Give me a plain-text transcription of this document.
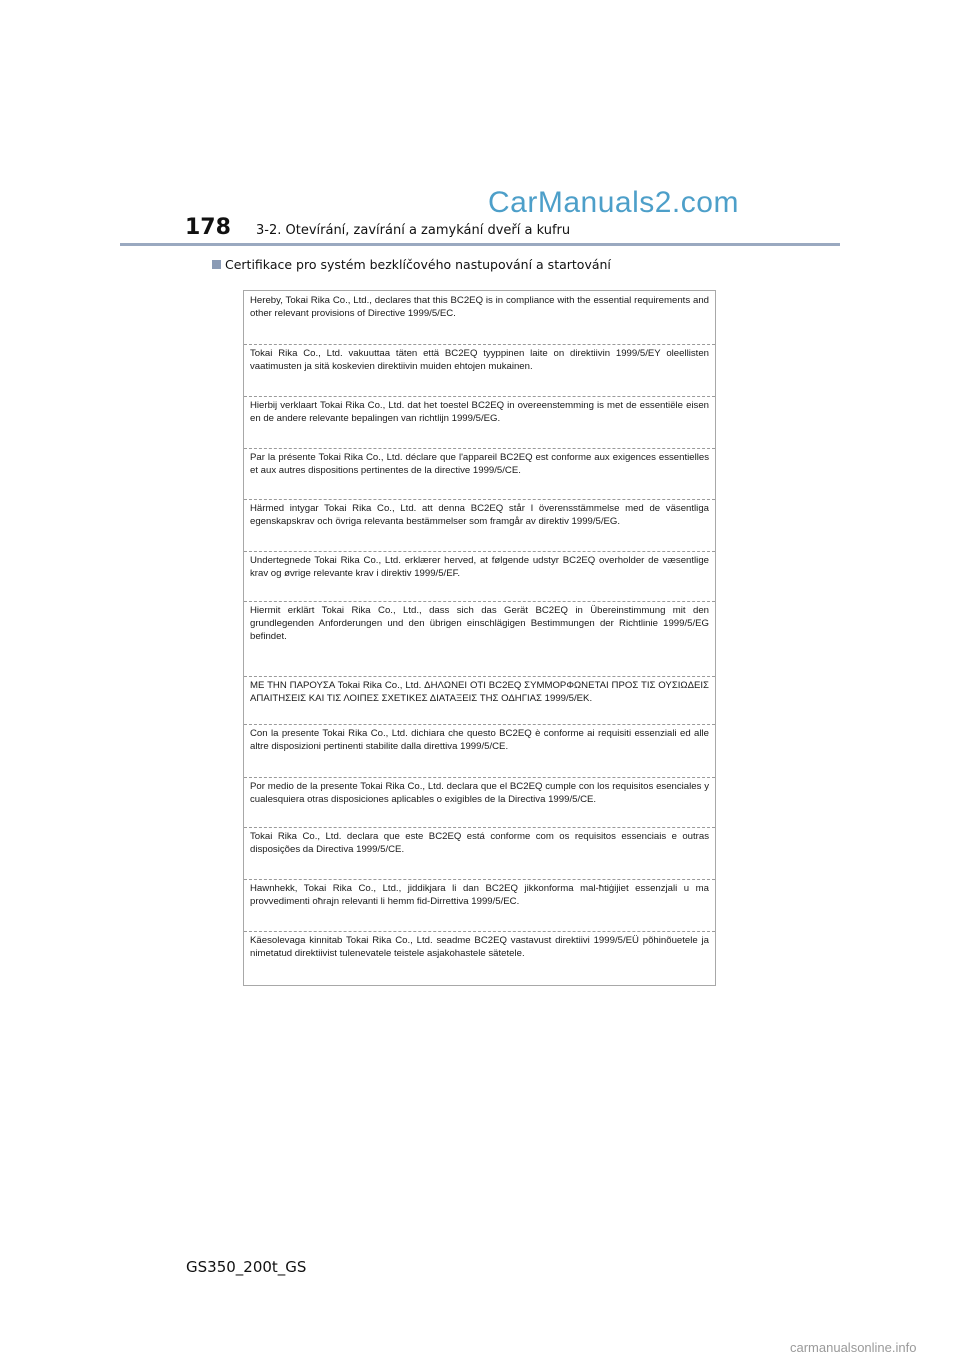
CarManuals2.com
178 3-2. Otevírání, zavírání a zamykání dveří a kufru
Certifikace pro systém bezklíčového nastupování a startování

Hereby, Tokai Rika Co., Ltd., declares that this BC2EQ is in compliance with the essential requirements and other relevant provisions of Directive 1999/5/EC.

Tokai Rika Co., Ltd. vakuuttaa täten että BC2EQ tyyppinen laite on direktiivin 1999/5/EY oleellisten vaatimusten ja sitä koskevien direktiivin muiden ehtojen mukainen.

Hierbij verklaart Tokai Rika Co., Ltd. dat het toestel BC2EQ in overeenstemming is met de essentiële eisen en de andere relevante bepalingen van richtlijn 1999/5/EG.

Par la présente Tokai Rika Co., Ltd. déclare que l'appareil BC2EQ est conforme aux exigences essentielles et aux autres dispositions pertinentes de la directive 1999/5/CE.

Härmed intygar Tokai Rika Co., Ltd. att denna BC2EQ står I överensstämmelse med de väsentliga egenskapskrav och övriga relevanta bestämmelser som framgår av direktiv 1999/5/EG.

Undertegnede Tokai Rika Co., Ltd. erklærer herved, at følgende udstyr BC2EQ overholder de væsentlige krav og øvrige relevante krav i direktiv 1999/5/EF.

Hiermit erklärt Tokai Rika Co., Ltd., dass sich das Gerät BC2EQ in Übereinstimmung mit den grundlegenden Anforderungen und den übrigen einschlägigen Bestimmungen der Richtlinie 1999/5/EG befindet.

ΜΕ ΤΗΝ ΠΑΡΟΥΣΑ Tokai Rika Co., Ltd. ΔΗΛΩΝΕΙ ΟΤΙ BC2EQ ΣΥΜΜΟΡΦΩΝΕΤΑΙ ΠΡΟΣ ΤΙΣ ΟΥΣΙΩΔΕΙΣ ΑΠΑΙΤΗΣΕΙΣ ΚΑΙ ΤΙΣ ΛΟΙΠΕΣ ΣΧΕΤΙΚΕΣ ΔΙΑΤΑΞΕΙΣ ΤΗΣ ΟΔΗΓΙΑΣ 1999/5/ΕΚ.

Con la presente Tokai Rika Co., Ltd. dichiara che questo BC2EQ è conforme ai requisiti essenziali ed alle altre disposizioni pertinenti stabilite dalla direttiva 1999/5/CE.

Por medio de la presente Tokai Rika Co., Ltd. declara que el BC2EQ cumple con los requisitos esenciales y cualesquiera otras disposiciones aplicables o exigibles de la Directiva 1999/5/CE.

Tokai Rika Co., Ltd. declara que este BC2EQ está conforme com os requisitos essenciais e outras disposições da Directiva 1999/5/CE.

Hawnhekk, Tokai Rika Co., Ltd., jiddikjara li dan BC2EQ jikkonforma mal-ħtiġijiet essenzjali u ma provvedimenti oħrajn relevanti li hemm fid-Dirrettiva 1999/5/EC.

Käesolevaga kinnitab Tokai Rika Co., Ltd. seadme BC2EQ vastavust direktiivi 1999/5/EÜ põhinõuetele ja nimetatud direktiivist tulenevatele teistele asjakohastele sätetele.

GS350_200t_GS
carmanualsonline.info
